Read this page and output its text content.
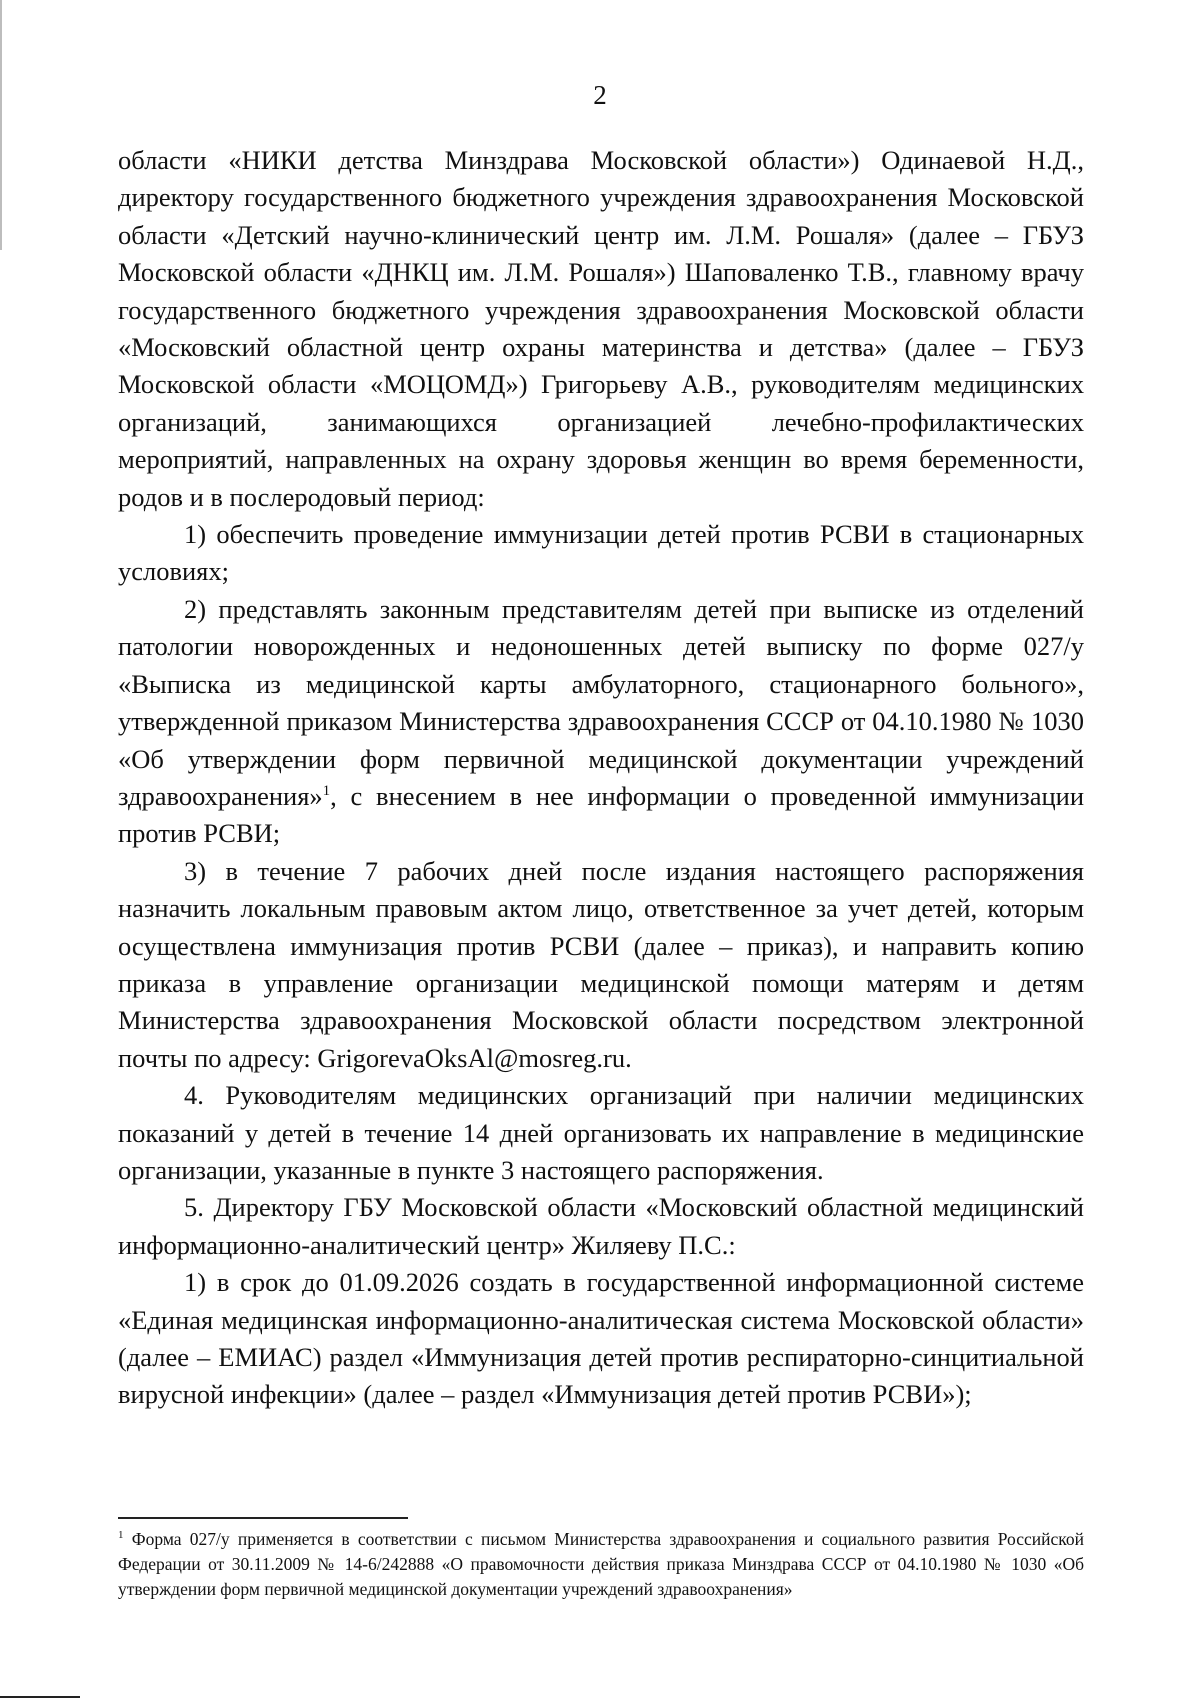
2

области «НИКИ детства Минздрава Московской области») Одинаевой Н.Д., директору государственного бюджетного учреждения здравоохранения Московской области «Детский научно-клинический центр им. Л.М. Рошаля» (далее – ГБУЗ Московской области «ДНКЦ им. Л.М. Рошаля») Шаповаленко Т.В., главному врачу государственного бюджетного учреждения здравоохранения Московской области «Московский областной центр охраны материнства и детства» (далее – ГБУЗ Московской области «МОЦОМД») Григорьеву А.В., руководителям медицинских организаций, занимающихся организацией лечебно-профилактических мероприятий, направленных на охрану здоровья женщин во время беременности, родов и в послеродовый период:

1) обеспечить проведение иммунизации детей против РСВИ в стационарных условиях;

2) представлять законным представителям детей при выписке из отделений патологии новорожденных и недоношенных детей выписку по форме 027/у «Выписка из медицинской карты амбулаторного, стационарного больного», утвержденной приказом Министерства здравоохранения СССР от 04.10.1980 № 1030 «Об утверждении форм первичной медицинской документации учреждений здравоохранения»$^1$, с внесением в нее информации о проведенной иммунизации против РСВИ;

3) в течение 7 рабочих дней после издания настоящего распоряжения назначить локальным правовым актом лицо, ответственное за учет детей, которым осуществлена иммунизация против РСВИ (далее – приказ), и направить копию приказа в управление организации медицинской помощи матерям и детям Министерства здравоохранения Московской области посредством электронной почты по адресу: GrigorevaOksAl@mosreg.ru.

4. Руководителям медицинских организаций при наличии медицинских показаний у детей в течение 14 дней организовать их направление в медицинские организации, указанные в пункте 3 настоящего распоряжения.

5. Директору ГБУ Московской области «Московский областной медицинский информационно-аналитический центр» Жиляеву П.С.:

1) в срок до 01.09.2026 создать в государственной информационной системе «Единая медицинская информационно-аналитическая система Московской области» (далее – ЕМИАС) раздел «Иммунизация детей против респираторно-синцитиальной вирусной инфекции» (далее – раздел «Иммунизация детей против РСВИ»);

$^1$ Форма 027/у применяется в соответствии с письмом Министерства здравоохранения и социального развития Российской Федерации от 30.11.2009 № 14-6/242888 «О правомочности действия приказа Минздрава СССР от 04.10.1980 № 1030 «Об утверждении форм первичной медицинской документации учреждений здравоохранения»
